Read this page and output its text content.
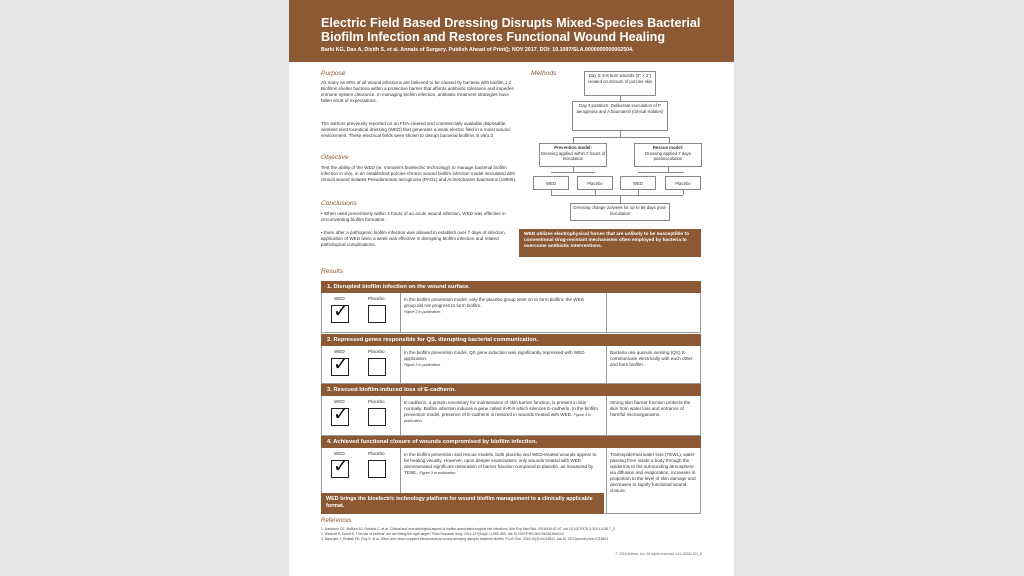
Electric Field Based Dressing Disrupts Mixed-Species Bacterial
Biofilm Infection and Restores Functional Wound Healing
Barki KG, Das A, Dixith S, et al. Annals of Surgery. Publish Ahead of Print(); NOV 2017. DOI: 10.1097/SLA.0000000000002504.
Purpose
As many as 80% of all wound infections are believed to be caused by bacteria with biofilm.1,2 Biofilms shelter bacteria within a protective barrier that affords antibiotic tolerance and impedes immune system clearance. In managing biofilm infection, antibiotic treatment strategies have fallen short of expectations.
The authors previously reported on an FDA-cleared and commercially available disposable, wireless electroceutical dressing (WED) that generates a weak electric field in a moist wound environment. These electrical fields were shown to disrupt bacterial biofilms in vitro.3
Objective
Test the ability of the WED (ie, Vomaris's bioelectric technology) to manage bacterial biofilm infection in vivo, in an established porcine chronic wound biofilm infection model inoculated with clinical wound isolates Pseudomonas aeruginosa (PAO1) and Acinetobacter baumannii (19606).
Conclusions
• When used preventively within 2 hours of an acute wound infection, WED was effective in circumventing biofilm formation.
• Even after a pathogenic biofilm infection was allowed to establish over 7 days of infection, application of WED twice a week was effective in disrupting biofilm infection and related pathological complications.
Methods	Day 0: 6-8 burn wounds (2" × 2") created on dorsum of porcine skin
Day 3 postburn: Deliberate inoculation of P aeruginosa and A baumannii (clinical isolates)
Prevention model:
Dressing applied within 2 hours of inoculation
Rescue model:
Dressing applied 7 days postinoculation
WED	Placebo	WED	Placebo
Dressing change 2x/week for up to 56 days post-inoculation
WED utilizes electrophysical forces that are unlikely to be susceptible to conventional drug-resistant mechanisms often employed by bacteria to overcome antibiotic interventions.
Results
1. Disrupted biofilm infection on the wound surface.
WED	Placebo
✓
In the biofilm prevention model, only the placebo group went on to form biofilm; the WED group did not progress to form biofilm.
Figure 2 in publication.
2. Repressed genes responsible for QS, disrupting bacterial communication.
WED	Placebo
✓
In the biofilm prevention model, QS gene induction was significantly repressed with WED application.
Figure 2 in publication.
Bacteria use quorum sensing (QS) to communicate electrically with each other and form biofilm.
3. Rescued biofilm-induced loss of E-cadherin.
WED	Placebo
✓
E-cadherin, a protein necessary for maintenance of skin barrier function, is present in skin normally. Biofilm infection induces a gene called miR-9 which silences E-cadherin. In the biofilm prevention model, presence of E-cadherin is restored in wounds treated with WED. Figure 4 in publication.
Strong skin barrier function protects the skin from water loss and entrance of harmful microorganisms.
4. Achieved functional closure of wounds compromised by biofilm infection.
WED	Placebo
✓
In the biofilm prevention and rescue models, both placebo and WED-treated wounds appear to be healing visually. However, upon deeper examination, only wounds treated with WED demonstrated significant restoration of barrier function compared to placebo, as measured by TEWL. Figure 3 in publication.
Transepidermal water loss (TEWL), water passing from inside a body through the epidermis to the surrounding atmosphere via diffusion and evaporation, increases in proportion to the level of skin damage and decreases to signify functional wound closure.
WED brings the bioelectric technology platform for wound biofilm management to a clinically applicable format.
References
1. Davidson CE, McBain AJ, Roberts C, et al. Clinical and microbiological aspect of biofilm-associated surgical site infections. Adv Exp Med Biol. 2015;830:47-67. doi:10.1007/978-3-319-11038-7_3
2. Wescott K, Dowd S. The role of biofilms: are we hitting the right target? Plast Reconstr Surg. 2011;127(Suppl 1):28S-35S. doi:10.1097/PRS.0b013e3181fbe244
3. Banerjee J, Ghatak PD, Roy S, et al. Silver-zinc redox-coupled electroceutical wound dressing disrupts bacterial biofilm. PLoS One. 2015;10(3):e0119531. doi:10.1371/journal.pone.0119531
© 2018 Arthrex, Inc. All rights reserved. LA1-00062-EN_B
